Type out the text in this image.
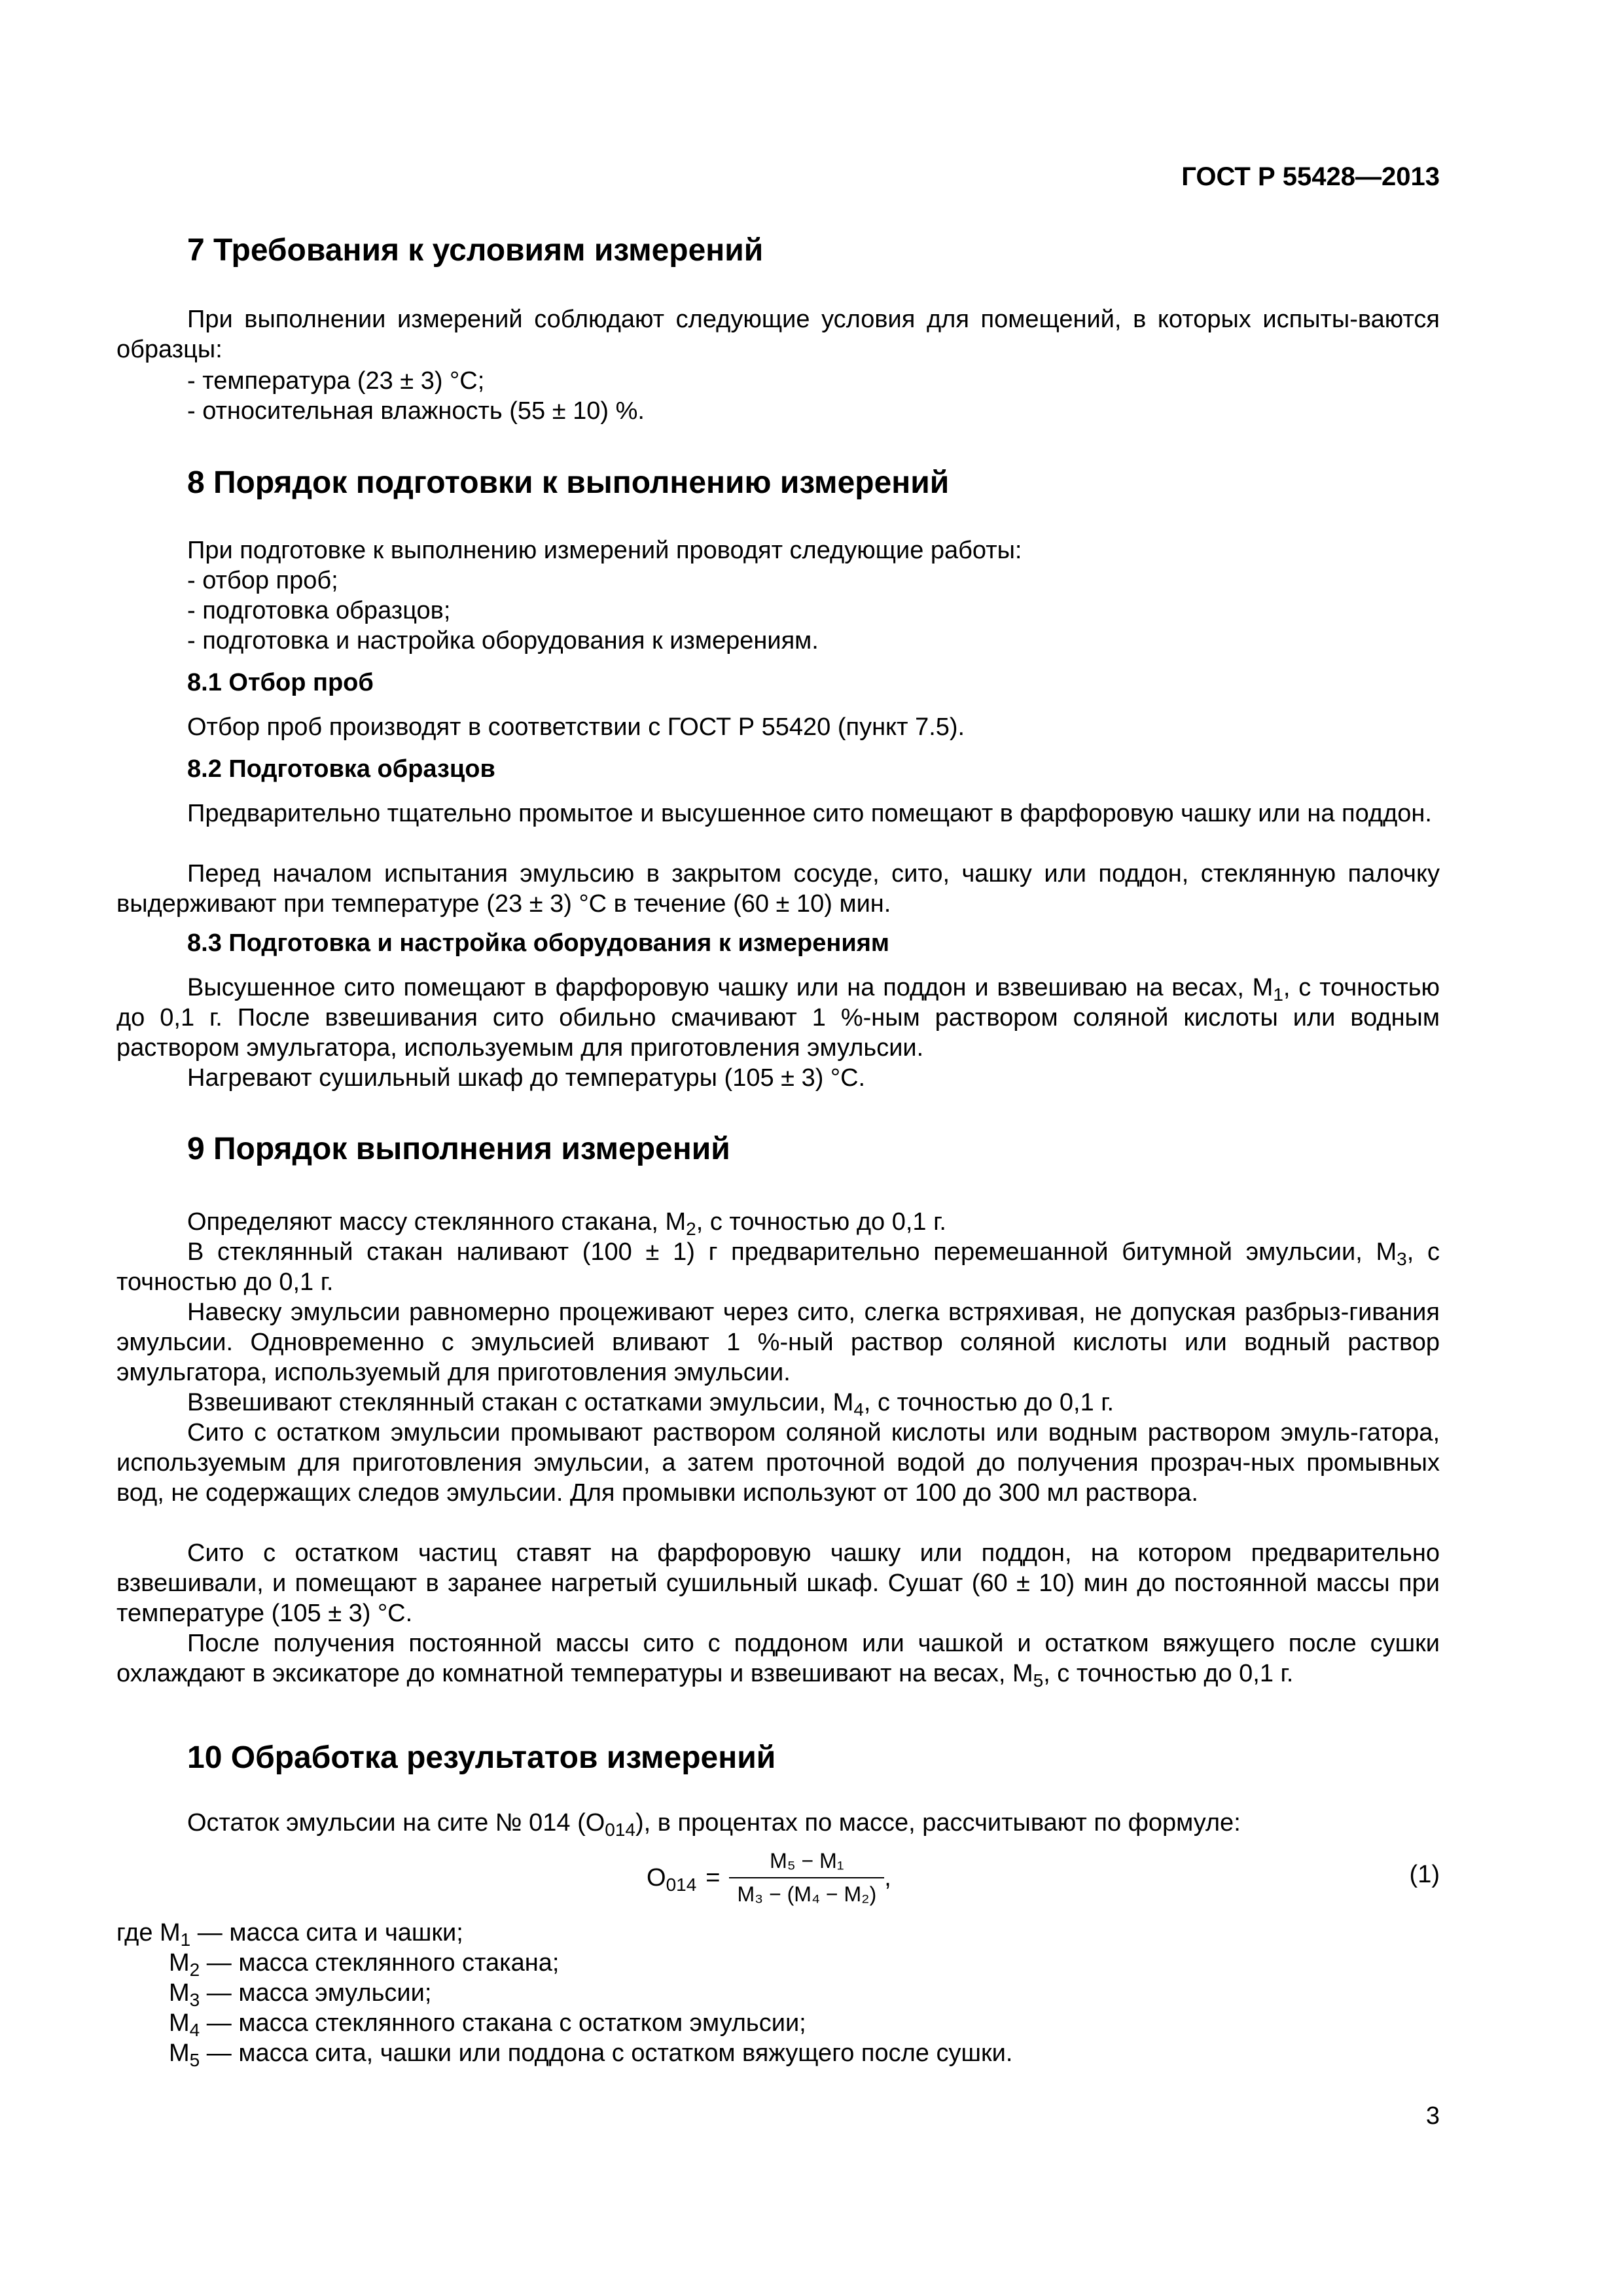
ГОСТ Р 55428—2013
7 Требования к условиям измерений

При выполнении измерений соблюдают следующие условия для помещений, в которых испыты-ваются образцы:

- температура (23 ± 3) °С;

- относительная влажность (55 ± 10) %.

8 Порядок подготовки к выполнению измерений

При подготовке к выполнению измерений проводят следующие работы:

- отбор проб;

- подготовка образцов;

- подготовка и настройка оборудования к измерениям.

8.1 Отбор проб

Отбор проб производят в соответствии с ГОСТ Р 55420 (пункт 7.5).

8.2 Подготовка образцов

Предварительно тщательно промытое и высушенное сито помещают в фарфоровую чашку или на поддон.

Перед началом испытания эмульсию в закрытом сосуде, сито, чашку или поддон, стеклянную палочку выдерживают при температуре (23 ± 3) °С в течение (60 ± 10) мин.

8.3 Подготовка и настройка оборудования к измерениям

Высушенное сито помещают в фарфоровую чашку или на поддон и взвешиваю на весах, $М_1$, с точностью до 0,1 г. После взвешивания сито обильно смачивают 1 %-ным раствором соляной кислоты или водным раствором эмульгатора, используемым для приготовления эмульсии.

Нагревают сушильный шкаф до температуры (105 ± 3) °С.

9 Порядок выполнения измерений

Определяют массу стеклянного стакана, $М_2$, с точностью до 0,1 г.

В стеклянный стакан наливают (100 ± 1) г предварительно перемешанной битумной эмульсии, $М_3$, с точностью до 0,1 г.

Навеску эмульсии равномерно процеживают через сито, слегка встряхивая, не допуская разбрыз-гивания эмульсии. Одновременно с эмульсией вливают 1 %-ный раствор соляной кислоты или водный раствор эмульгатора, используемый для приготовления эмульсии.

Взвешивают стеклянный стакан с остатками эмульсии, $М_4$, с точностью до 0,1 г.

Сито с остатком эмульсии промывают раствором соляной кислоты или водным раствором эмуль-гатора, используемым для приготовления эмульсии, а затем проточной водой до получения прозрач-ных промывных вод, не содержащих следов эмульсии. Для промывки используют от 100 до 300 мл раствора.

Сито с остатком частиц ставят на фарфоровую чашку или поддон, на котором предварительно взвешивали, и помещают в заранее нагретый сушильный шкаф. Сушат (60 ± 10) мин до постоянной массы при температуре (105 ± 3) °С.

После получения постоянной массы сито с поддоном или чашкой и остатком вяжущего после сушки охлаждают в эксикаторе до комнатной температуры и взвешивают на весах, $М_5$, с точностью до 0,1 г.

10 Обработка результатов измерений

Остаток эмульсии на сите № 014 $(О_{014})$, в процентах по массе, рассчитывают по формуле:

$О_{014} = \frac{\text{M₅ − M₁}}{\text{M₃ − (M₄ − M₂)}}$ ,	(1)

где $М_1$ — масса сита и чашки;

$М_2$ — масса стеклянного стакана;

$М_3$ — масса эмульсии;

$М_4$ — масса стеклянного стакана с остатком эмульсии;

$М_5$ — масса сита, чашки или поддона с остатком вяжущего после сушки.

3
